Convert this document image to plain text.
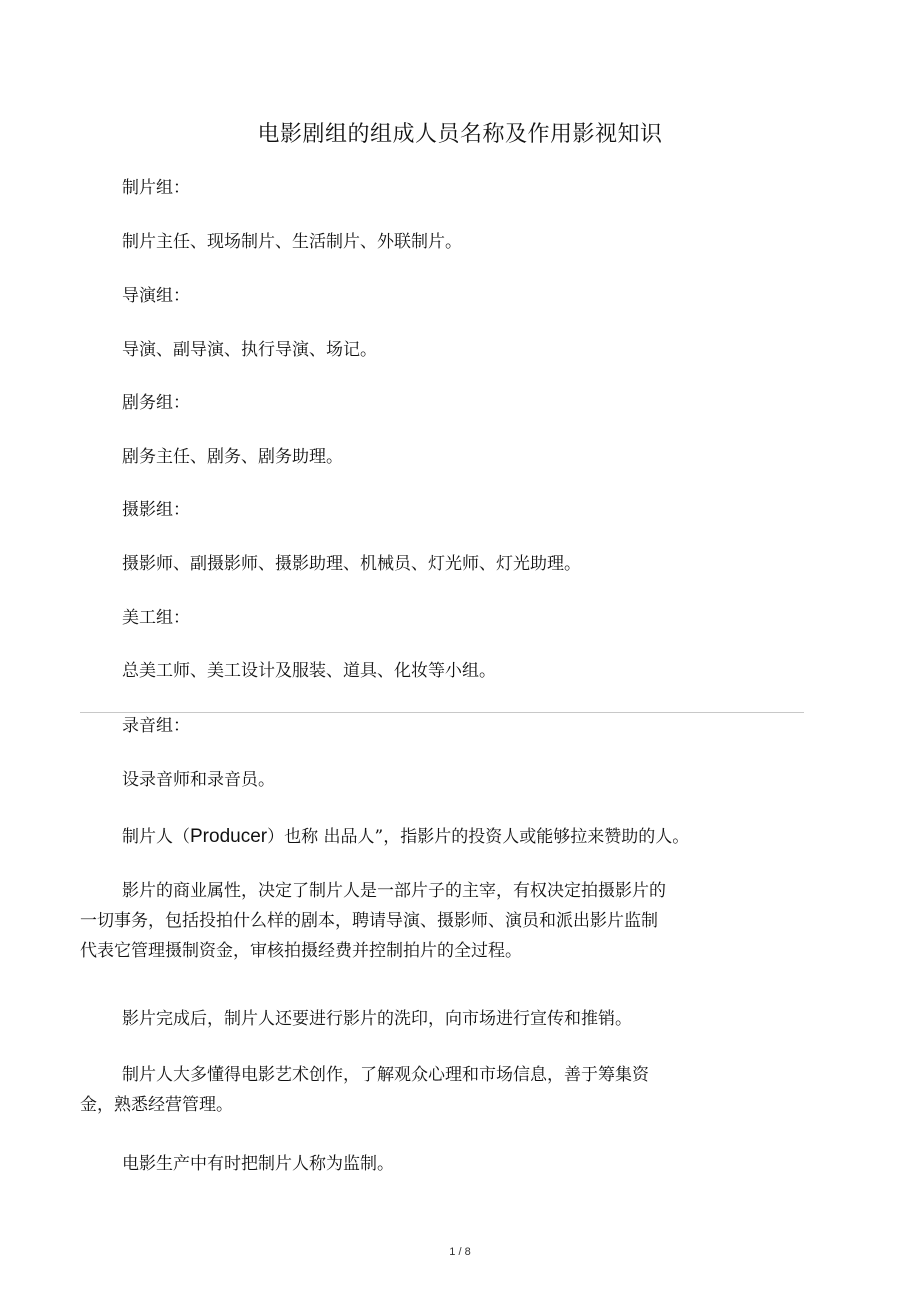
电影剧组的组成人员名称及作用影视知识

制片组：

制片主任、现场制片、生活制片、外联制片。

导演组：

导演、副导演、执行导演、场记。

剧务组：

剧务主任、剧务、剧务助理。

摄影组：

摄影师、副摄影师、摄影助理、机械员、灯光师、灯光助理。

美工组：

总美工师、美工设计及服装、道具、化妆等小组。

录音组：

设录音师和录音员。

制片人（Producer）也称 出品人”，指影片的投资人或能够拉来赞助的人。

影片的商业属性，决定了制片人是一部片子的主宰，有权决定拍摄影片的
一切事务，包括投拍什么样的剧本，聘请导演、摄影师、演员和派出影片监制
代表它管理摄制资金，审核拍摄经费并控制拍片的全过程。
影片完成后，制片人还要进行影片的洗印，向市场进行宣传和推销。
制片人大多懂得电影艺术创作，了解观众心理和市场信息，善于筹集资
金，熟悉经营管理。
电影生产中有时把制片人称为监制。
1 / 8
